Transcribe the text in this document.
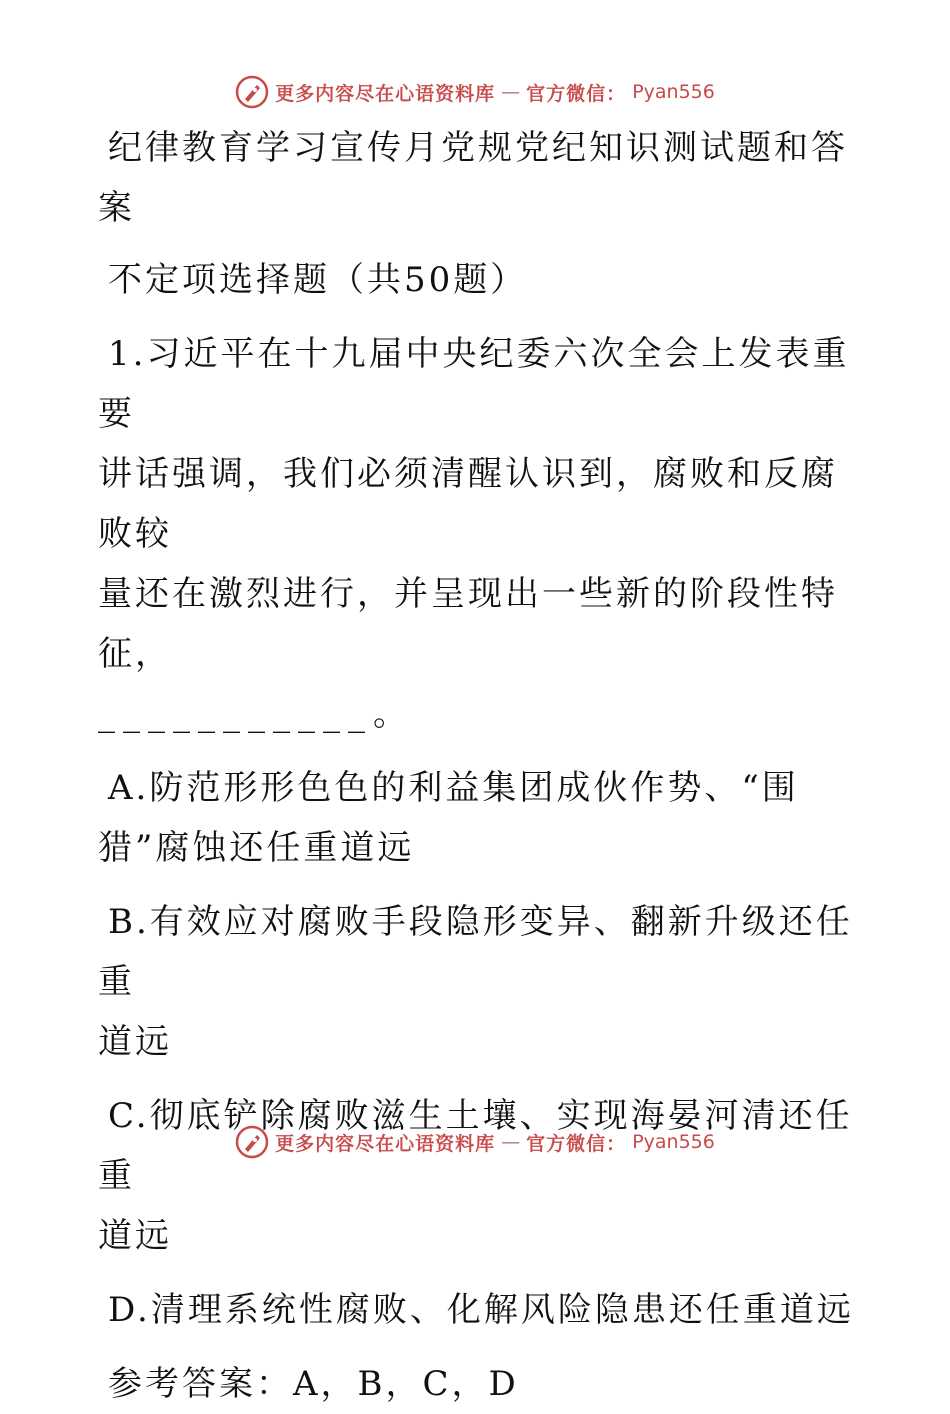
更多内容尽在心语资料库 — 官方微信： Pyan556

纪律教育学习宣传月党规党纪知识测试题和答案

不定项选择题（共50题）

1.习近平在十九届中央纪委六次全会上发表重要

讲话强调，我们必须清醒认识到，腐败和反腐败较

量还在激烈进行，并呈现出一些新的阶段性特征，

___________。

A.防范形形色色的利益集团成伙作势、“围

猎”腐蚀还任重道远

B.有效应对腐败手段隐形变异、翻新升级还任重

道远

C.彻底铲除腐败滋生土壤、实现海晏河清还任重

道远

D.清理系统性腐败、化解风险隐患还任重道远

参考答案：A，B，C，D

更多内容尽在心语资料库 — 官方微信： Pyan556
